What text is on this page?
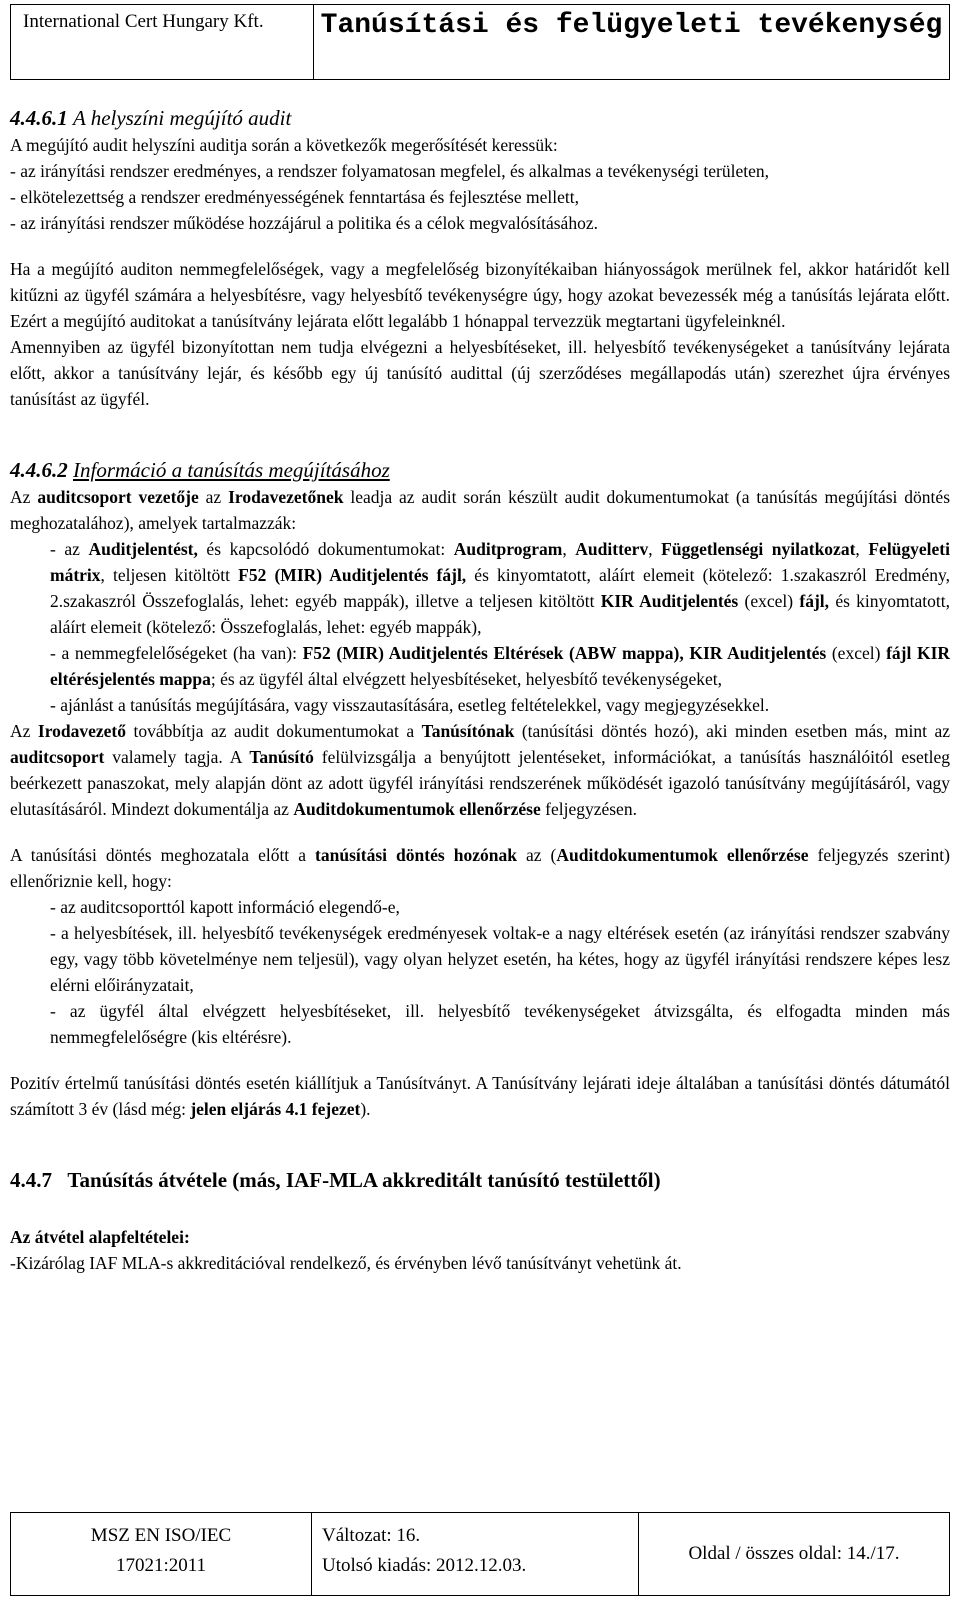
International Cert Hungary Kft.	Tanúsítási és felügyeleti tevékenység
4.4.6.1 A helyszíni megújító audit

A megújító audit helyszíni auditja során a következők megerősítését keressük:

- az irányítási rendszer eredményes, a rendszer folyamatosan megfelel, és alkalmas a tevékenységi területen,

- elkötelezettség a rendszer eredményességének fenntartása és fejlesztése mellett,

- az irányítási rendszer működése hozzájárul a politika és a célok megvalósításához.

Ha a megújító auditon nemmegfelelőségek, vagy a megfelelőség bizonyítékaiban hiányosságok merülnek fel, akkor határidőt kell kitűzni az ügyfél számára a helyesbítésre, vagy helyesbítő tevékenységre úgy, hogy azokat bevezessék még a tanúsítás lejárata előtt. Ezért a megújító auditokat a tanúsítvány lejárata előtt legalább 1 hónappal tervezzük megtartani ügyfeleinknél.

Amennyiben az ügyfél bizonyítottan nem tudja elvégezni a helyesbítéseket, ill. helyesbítő tevékenységeket a tanúsítvány lejárata előtt, akkor a tanúsítvány lejár, és később egy új tanúsító audittal (új szerződéses megállapodás után) szerezhet újra érvényes tanúsítást az ügyfél.

4.4.6.2 Információ a tanúsítás megújításához

Az auditcsoport vezetője az Irodavezetőnek leadja az audit során készült audit dokumentumokat (a tanúsítás megújítási döntés meghozatalához), amelyek tartalmazzák:

- az Auditjelentést, és kapcsolódó dokumentumokat: Auditprogram, Auditterv, Függetlenségi nyilatkozat, Felügyeleti mátrix, teljesen kitöltött F52 (MIR) Auditjelentés fájl, és kinyomtatott, aláírt elemeit (kötelező: 1.szakaszról Eredmény, 2.szakaszról Összefoglalás, lehet: egyéb mappák), illetve a teljesen kitöltött KIR Auditjelentés (excel) fájl, és kinyomtatott, aláírt elemeit (kötelező: Összefoglalás, lehet: egyéb mappák),

- a nemmegfelelőségeket (ha van): F52 (MIR) Auditjelentés Eltérések (ABW mappa), KIR Auditjelentés (excel) fájl KIR eltérésjelentés mappa; és az ügyfél által elvégzett helyesbítéseket, helyesbítő tevékenységeket,

- ajánlást a tanúsítás megújítására, vagy visszautasítására, esetleg feltételekkel, vagy megjegyzésekkel.

Az Irodavezető továbbítja az audit dokumentumokat a Tanúsítónak (tanúsítási döntés hozó), aki minden esetben más, mint az auditcsoport valamely tagja. A Tanúsító felülvizsgálja a benyújtott jelentéseket, információkat, a tanúsítás használóitól esetleg beérkezett panaszokat, mely alapján dönt az adott ügyfél irányítási rendszerének működését igazoló tanúsítvány megújításáról, vagy elutasításáról. Mindezt dokumentálja az Auditdokumentumok ellenőrzése feljegyzésen.

A tanúsítási döntés meghozatala előtt a tanúsítási döntés hozónak az (Auditdokumentumok ellenőrzése feljegyzés szerint) ellenőriznie kell, hogy:

- az auditcsoporttól kapott információ elegendő-e,

- a helyesbítések, ill. helyesbítő tevékenységek eredményesek voltak-e a nagy eltérések esetén (az irányítási rendszer szabvány egy, vagy több követelménye nem teljesül), vagy olyan helyzet esetén, ha kétes, hogy az ügyfél irányítási rendszere képes lesz elérni előirányzatait,

- az ügyfél által elvégzett helyesbítéseket, ill. helyesbítő tevékenységeket átvizsgálta, és elfogadta minden más nemmegfelelőségre (kis eltérésre).

Pozitív értelmű tanúsítási döntés esetén kiállítjuk a Tanúsítványt. A Tanúsítvány lejárati ideje általában a tanúsítási döntés dátumától számított 3 év (lásd még: jelen eljárás 4.1 fejezet).

4.4.7 Tanúsítás átvétele (más, IAF-MLA akkreditált tanúsító testülettől)

Az átvétel alapfeltételei:

-Kizárólag IAF MLA-s akkreditációval rendelkező, és érvényben lévő tanúsítványt vehetünk át.

MSZ EN ISO/IEC
17021:2011
Változat: 16.
Utolsó kiadás: 2012.12.03.
Oldal / összes oldal: 14./17.
